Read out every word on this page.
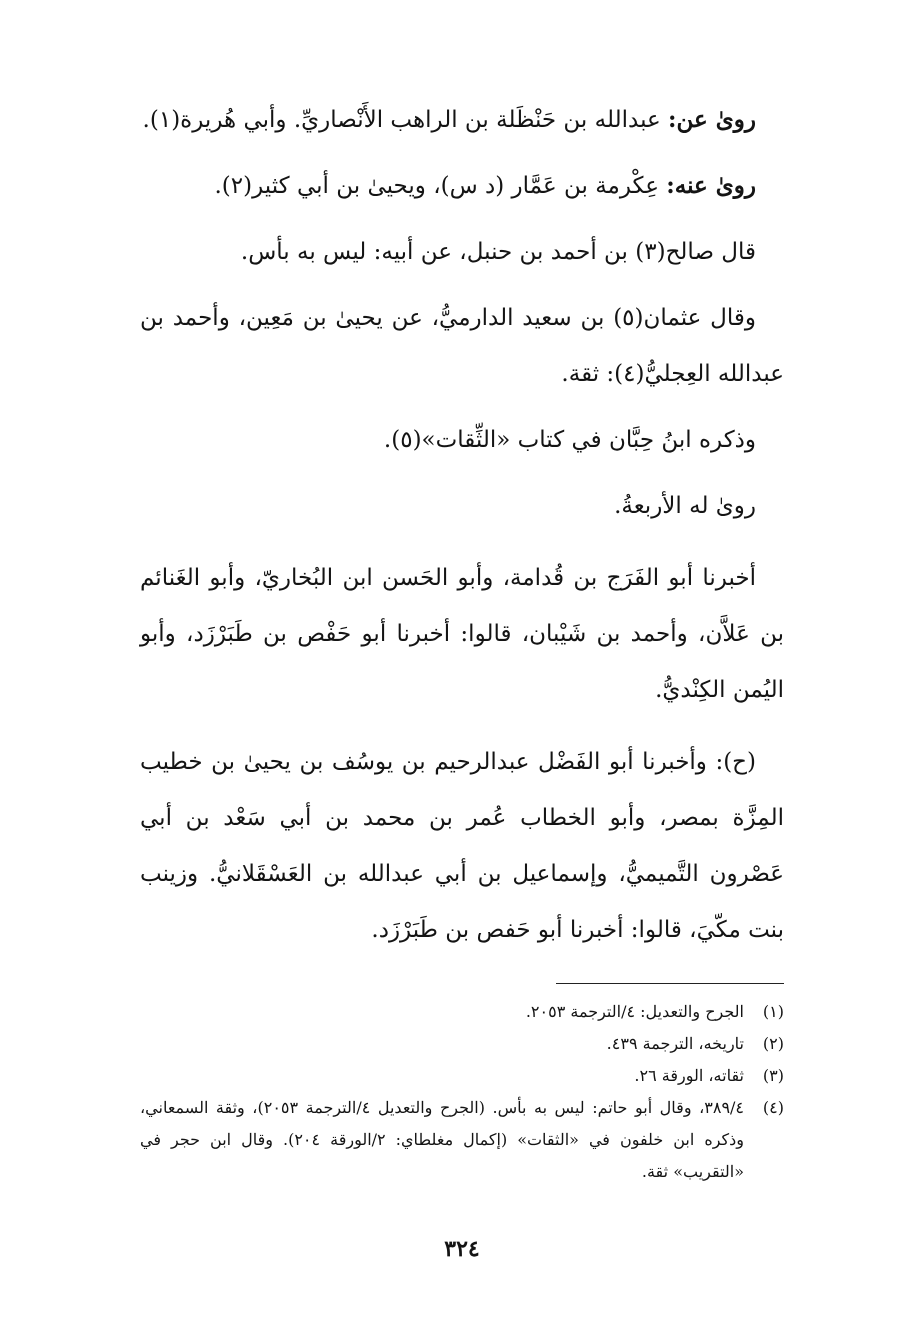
رویٰ عن: عبدالله بن حَنْظَلة بن الراهب الأَنْصاريِّ. وأبي هُريرة(١).

رویٰ عنه: عِكْرمة بن عَمَّار (د س)، ويحيىٰ بن أبي كثير(٢).

قال صالح(٣) بن أحمد بن حنبل، عن أبيه: ليس به بأس.

وقال عثمان(٥) بن سعيد الدارميُّ، عن يحيىٰ بن مَعِين، وأحمد بن عبدالله العِجليُّ(٤): ثقة.

وذكره ابنُ حِبَّان في كتاب «الثِّقات»(٥).

رویٰ له الأربعةُ.

أخبرنا أبو الفَرَج بن قُدامة، وأبو الحَسن ابن البُخاريّ، وأبو الغَنائم بن عَلاَّن، وأحمد بن شَيْبان، قالوا: أخبرنا أبو حَفْص بن طَبَرْزَد، وأبو اليُمن الكِنْديُّ.

(ح): وأخبرنا أبو الفَضْل عبدالرحيم بن يوسُف بن يحيىٰ بن خطيب المِزَّة بمصر، وأبو الخطاب عُمر بن محمد بن أبي سَعْد بن أبي عَصْرون التَّميميُّ، وإسماعيل بن أبي عبدالله بن العَسْقَلانيُّ. وزينب بنت مكّيَ، قالوا: أخبرنا أبو حَفص بن طَبَرْزَد.

(١)
الجرح والتعديل: ٤/الترجمة ٢٠٥٣.
(٢)
تاريخه، الترجمة ٤٣٩.
(٣)
ثقاته، الورقة ٢٦.
(٤)
٣٨٩/٤، وقال أبو حاتم: ليس به بأس. (الجرح والتعديل ٤/الترجمة ٢٠٥٣)، وثقة السمعاني، وذكره ابن خلفون في «الثقات» (إكمال مغلطاي: ٢/الورقة ٢٠٤). وقال ابن حجر في «التقريب» ثقة.
٣٢٤
